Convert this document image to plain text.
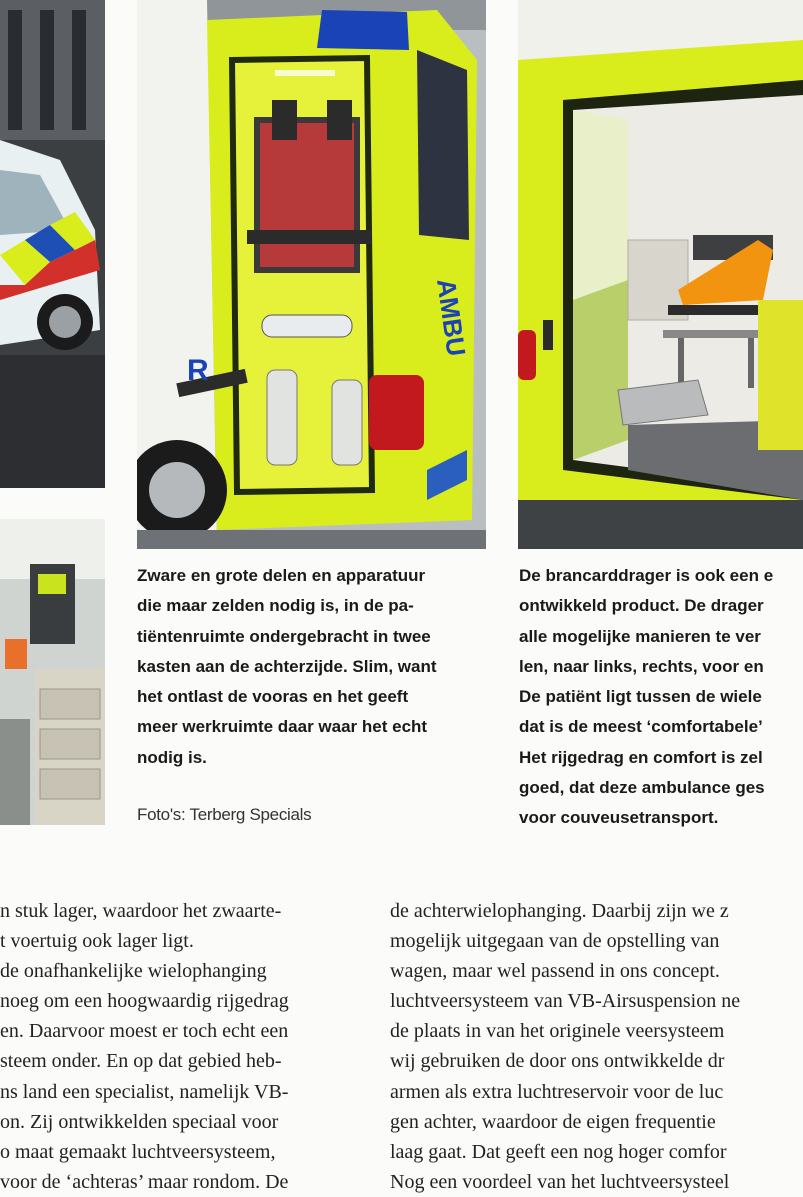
AMBU
R

Zware en grote delen en apparatuur
die maar zelden nodig is, in de pa-
tiëntenruimte ondergebracht in twee
kasten aan de achterzijde. Slim, want
het ontlast de vooras en het geeft
meer werkruimte daar waar het echt
nodig is.

De brancarddrager is ook een e
ontwikkeld product. De drager
alle mogelijke manieren te ver
len, naar links, rechts, voor en
De patiënt ligt tussen de wiele
dat is de meest ‘comfortabele’
Het rijgedrag en comfort is zel
goed, dat deze ambulance ges
voor couveusetransport.

Foto's: Terberg Specials

n stuk lager, waardoor het zwaarte-
t voertuig ook lager ligt.
de onafhankelijke wielophanging
noeg om een hoogwaardig rijgedrag
en. Daarvoor moest er toch echt een
steem onder. En op dat gebied heb-
ns land een specialist, namelijk VB-
on. Zij ontwikkelden speciaal voor
o maat gemaakt luchtveersysteem,
voor de ‘achteras’ maar rondom. De

de achterwielophanging. Daarbij zijn we z
mogelijk uitgegaan van de opstelling van
wagen, maar wel passend in ons concept.
luchtveersysteem van VB-Airsuspension ne
de plaats in van het originele veersysteem
wij gebruiken de door ons ontwikkelde dr
armen als extra luchtreservoir voor de luc
gen achter, waardoor de eigen frequentie
laag gaat. Dat geeft een nog hoger comfor
Nog een voordeel van het luchtveersysteel
